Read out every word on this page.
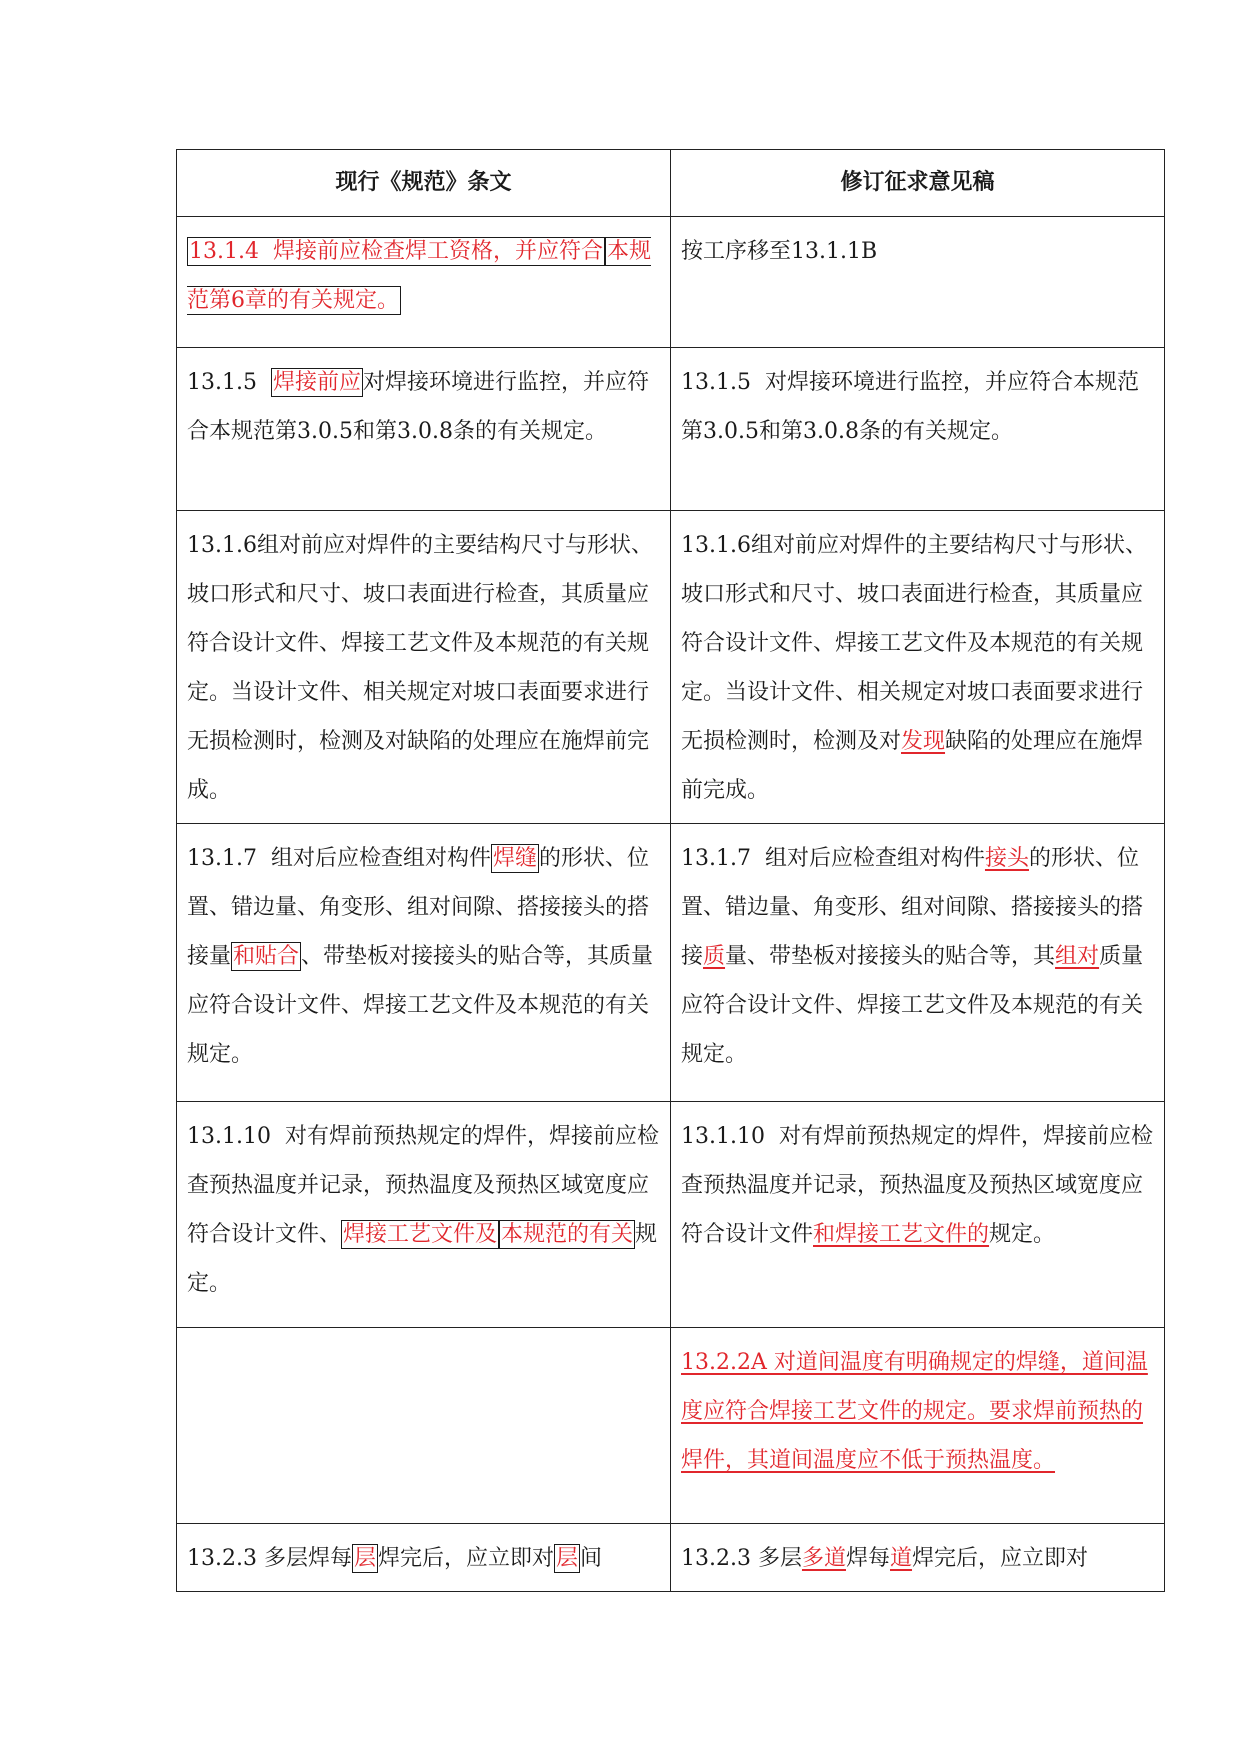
现行《规范》条文	修订征求意见稿
13.1.4  焊接前应检查焊工资格，并应符合 本规范第6章的有关规定。	按工序移至13.1.1B
13.1.5  焊接前应对焊接环境进行监控，并应符合本规范第3.0.5和第3.0.8条的有关规定。	13.1.5  对焊接环境进行监控，并应符合本规范第3.0.5和第3.0.8条的有关规定。
13.1.6组对前应对焊件的主要结构尺寸与形状、坡口形式和尺寸、坡口表面进行检查，其质量应符合设计文件、焊接工艺文件及本规范的有关规定。当设计文件、相关规定对坡口表面要求进行无损检测时，检测及对缺陷的处理应在施焊前完成。	13.1.6组对前应对焊件的主要结构尺寸与形状、坡口形式和尺寸、坡口表面进行检查，其质量应符合设计文件、焊接工艺文件及本规范的有关规定。当设计文件、相关规定对坡口表面要求进行无损检测时，检测及对发现缺陷的处理应在施焊前完成。
13.1.7  组对后应检查组对构件焊缝的形状、位置、错边量、角变形、组对间隙、搭接接头的搭接量和贴合、带垫板对接接头的贴合等，其质量应符合设计文件、焊接工艺文件及本规范的有关规定。	13.1.7  组对后应检查组对构件接头的形状、位置、错边量、角变形、组对间隙、搭接接头的搭接质量、带垫板对接接头的贴合等，其组对质量应符合设计文件、焊接工艺文件及本规范的有关规定。
13.1.10  对有焊前预热规定的焊件，焊接前应检查预热温度并记录，预热温度及预热区域宽度应符合设计文件、焊接工艺文件及 本规范的有关规定。	13.1.10  对有焊前预热规定的焊件，焊接前应检查预热温度并记录，预热温度及预热区域宽度应符合设计文件和焊接工艺文件的规定。
	13.2.2A 对道间温度有明确规定的焊缝，道间温度应符合焊接工艺文件的规定。要求焊前预热的焊件，其道间温度应不低于预热温度。
13.2.3 多层焊每层焊完后，应立即对层间	13.2.3 多层多道焊每道焊完后，应立即对
